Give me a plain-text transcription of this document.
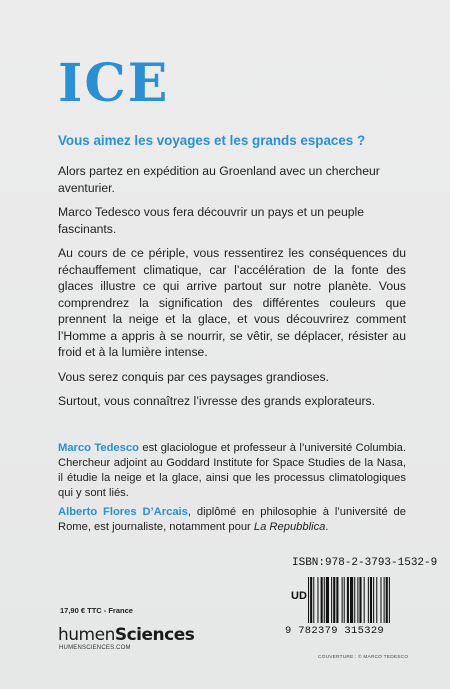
ICE
Vous aimez les voyages et les grands espaces ?

Alors partez en expédition au Groenland avec un chercheur aventurier.

Marco Tedesco vous fera découvrir un pays et un peuple fascinants.

Au cours de ce périple, vous ressentirez les conséquences du réchauffement climatique, car l’accélération de la fonte des glaces illustre ce qui arrive partout sur notre planète. Vous comprendrez la signification des différentes couleurs que prennent la neige et la glace, et vous découvrirez comment l’Homme a appris à se nourrir, se vêtir, se déplacer, résister au froid et à la lumière intense.

Vous serez conquis par ces paysages grandioses.

Surtout, vous connaîtrez l’ivresse des grands explorateurs.

Marco Tedesco est glaciologue et professeur à l’université Columbia. Chercheur adjoint au Goddard Institute for Space Studies de la Nasa, il étudie la neige et la glace, ainsi que les processus climatologiques qui y sont liés.

Alberto Flores D’Arcais, diplômé en philosophie à l’université de Rome, est journaliste, notamment pour La Repubblica.

17,90 € TTC - France
humenSciences
HUMENSCIENCES.COM
ISBN:978-2-3793-1532-9
UD
9 782379 315329
COUVERTURE : © MARCO TEDESCO
